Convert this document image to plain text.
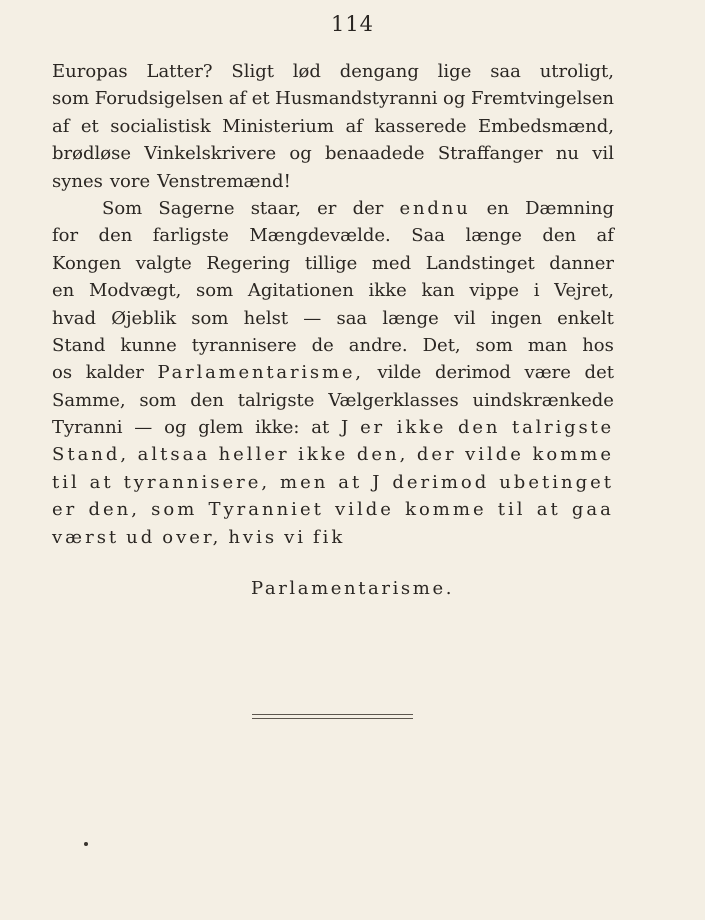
114
Europas Latter? Sligt lød dengang lige saa utroligt,
som Forudsigelsen af et Husmandstyranni og Fremtvingelsen
af et socialistisk Ministerium af kasserede Embedsmænd,
brødløse Vinkelskrivere og benaadede Straffanger nu vil
synes vore Venstremænd!
Som Sagerne staar, er der endnu en Dæmning
for den farligste Mængdevælde. Saa længe den af
Kongen valgte Regering tillige med Landstinget danner
en Modvægt, som Agitationen ikke kan vippe i Vejret,
hvad Øjeblik som helst — saa længe vil ingen enkelt
Stand kunne tyrannisere de andre. Det, som man hos
os kalder Parlamentarisme, vilde derimod være det
Samme, som den talrigste Vælgerklasses uindskrænkede
Tyranni — og glem ikke: at J er ikke den talrigste
Stand, altsaa heller ikke den, der vilde komme
til at tyrannisere, men at J derimod ubetinget
er den, som Tyranniet vilde komme til at gaa
værst ud over, hvis vi fik
Parlamentarisme.
